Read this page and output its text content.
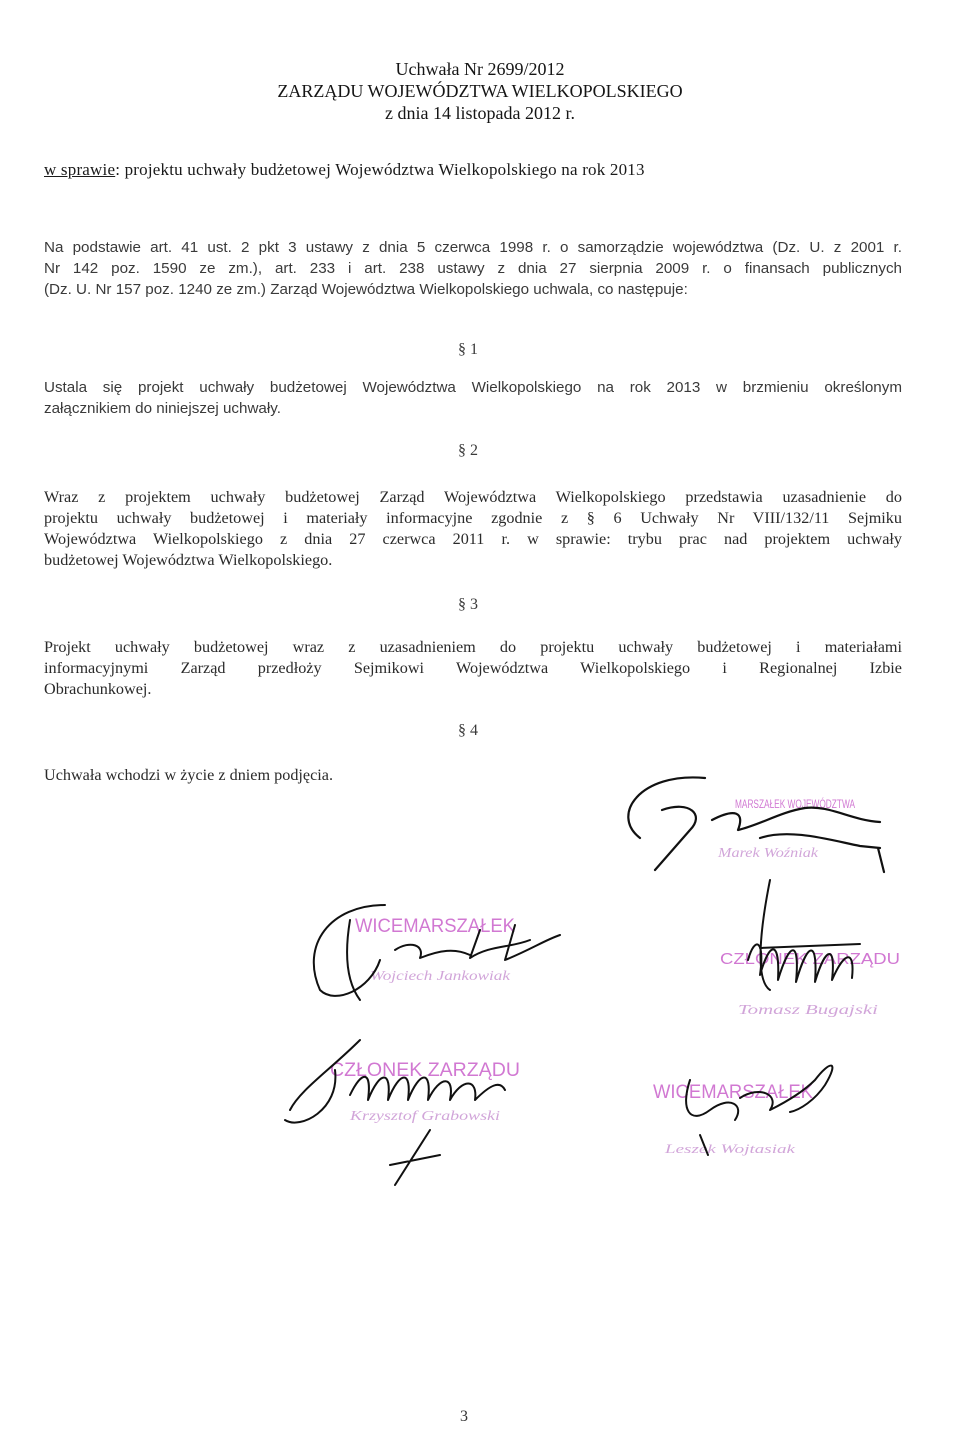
Uchwała Nr 2699/2012
ZARZĄDU WOJEWÓDZTWA WIELKOPOLSKIEGO
z dnia 14 listopada 2012 r.
w sprawie: projektu uchwały budżetowej Województwa Wielkopolskiego na rok 2013
Na podstawie art. 41 ust. 2 pkt 3 ustawy z dnia 5 czerwca 1998 r. o samorządzie województwa (Dz. U. z 2001 r.
Nr 142 poz. 1590 ze zm.), art. 233 i art. 238 ustawy z dnia 27 sierpnia 2009 r. o finansach publicznych
(Dz. U. Nr 157 poz. 1240 ze zm.) Zarząd Województwa Wielkopolskiego uchwala, co następuje:
§ 1
Ustala się projekt uchwały budżetowej Województwa Wielkopolskiego na rok 2013 w brzmieniu określonym
załącznikiem do niniejszej uchwały.
§ 2
Wraz z projektem uchwały budżetowej Zarząd Województwa Wielkopolskiego przedstawia uzasadnienie do
projektu uchwały budżetowej i materiały informacyjne zgodnie z § 6 Uchwały Nr VIII/132/11 Sejmiku
Województwa Wielkopolskiego z dnia 27 czerwca 2011 r. w sprawie: trybu prac nad projektem uchwały
budżetowej Województwa Wielkopolskiego.
§ 3
Projekt uchwały budżetowej wraz z uzasadnieniem do projektu uchwały budżetowej i materiałami
informacyjnymi Zarząd przedłoży Sejmikowi Województwa Wielkopolskiego i Regionalnej Izbie
Obrachunkowej.
§ 4
Uchwała wchodzi w życie z dniem podjęcia.
MARSZAŁEK WOJEWÓDZTWA
Marek Woźniak
WICEMARSZAŁEK
Wojciech Jankowiak
CZŁONEK ZARZĄDU
Tomasz Bugajski
CZŁONEK ZARZĄDU
Krzysztof Grabowski
WICEMARSZAŁEK
Leszek Wojtasiak
3
